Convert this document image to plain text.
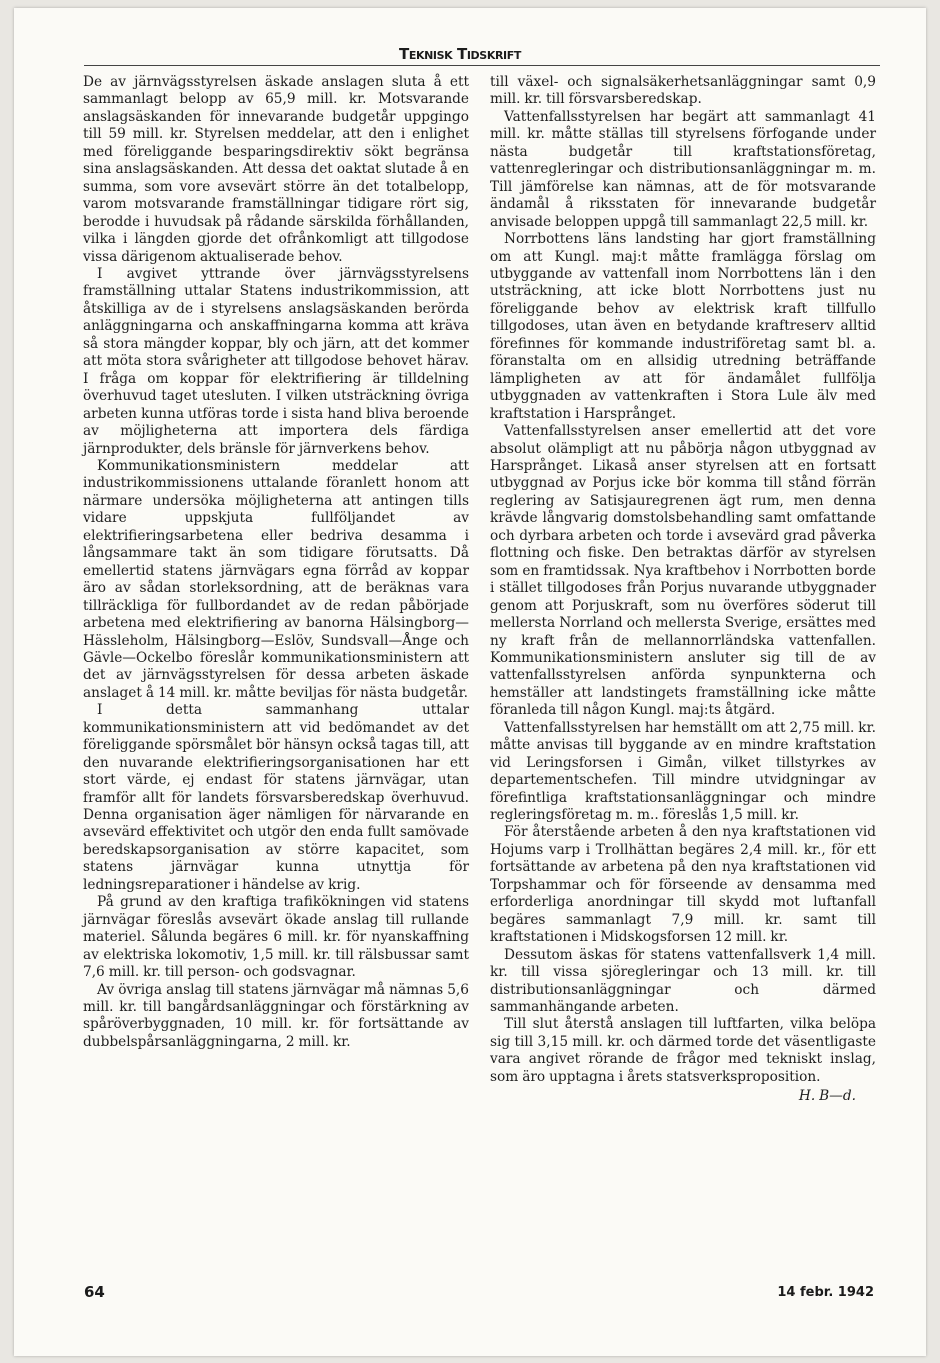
Teknisk Tidskrift

De av järnvägsstyrelsen äskade anslagen sluta å ett sammanlagt belopp av 65,9 mill. kr. Motsvarande anslagsäskanden för innevarande budgetår uppgingo till 59 mill. kr. Styrelsen meddelar, att den i enlighet med föreliggande besparingsdirektiv sökt begränsa sina anslagsäskanden. Att dessa det oaktat slutade å en summa, som vore avsevärt större än det totalbelopp, varom motsvarande framställningar tidigare rört sig, berodde i huvudsak på rådande särskilda förhållanden, vilka i längden gjorde det ofrånkomligt att tillgodose vissa därigenom aktualiserade behov.

I avgivet yttrande över järnvägsstyrelsens framställning uttalar Statens industrikommission, att åtskilliga av de i styrelsens anslagsäskanden berörda anläggningarna och anskaffningarna komma att kräva så stora mängder koppar, bly och järn, att det kommer att möta stora svårigheter att tillgodose behovet härav. I fråga om koppar för elektrifiering är tilldelning överhuvud taget utesluten. I vilken utsträckning övriga arbeten kunna utföras torde i sista hand bliva beroende av möjligheterna att importera dels färdiga järnprodukter, dels bränsle för järnverkens behov.

Kommunikationsministern meddelar att industrikommissionens uttalande föranlett honom att närmare undersöka möjligheterna att antingen tills vidare uppskjuta fullföljandet av elektrifieringsarbetena eller bedriva desamma i långsammare takt än som tidigare förutsatts. Då emellertid statens järnvägars egna förråd av koppar äro av sådan storleksordning, att de beräknas vara tillräckliga för fullbordandet av de redan påbörjade arbetena med elektrifiering av banorna Hälsingborg—Hässleholm, Hälsingborg—Eslöv, Sundsvall—Ånge och Gävle—Ockelbo föreslår kommunikationsministern att det av järnvägsstyrelsen för dessa arbeten äskade anslaget å 14 mill. kr. måtte beviljas för nästa budgetår.

I detta sammanhang uttalar kommunikationsministern att vid bedömandet av det föreliggande spörsmålet bör hänsyn också tagas till, att den nuvarande elektrifieringsorganisationen har ett stort värde, ej endast för statens järnvägar, utan framför allt för landets försvarsberedskap överhuvud. Denna organisation äger nämligen för närvarande en avsevärd effektivitet och utgör den enda fullt samövade beredskapsorganisation av större kapacitet, som statens järnvägar kunna utnyttja för ledningsreparationer i händelse av krig.

På grund av den kraftiga trafikökningen vid statens järnvägar föreslås avsevärt ökade anslag till rullande materiel. Sålunda begäres 6 mill. kr. för nyanskaffning av elektriska lokomotiv, 1,5 mill. kr. till rälsbussar samt 7,6 mill. kr. till person- och godsvagnar.

Av övriga anslag till statens järnvägar må nämnas 5,6 mill. kr. till bangårdsanläggningar och förstärkning av spåröverbyggnaden, 10 mill. kr. för fortsättande av dubbelspårsanläggningarna, 2 mill. kr.

till växel- och signalsäkerhetsanläggningar samt 0,9 mill. kr. till försvarsberedskap.

Vattenfallsstyrelsen har begärt att sammanlagt 41 mill. kr. måtte ställas till styrelsens förfogande under nästa budgetår till kraftstationsföretag, vattenregleringar och distributionsanläggningar m. m. Till jämförelse kan nämnas, att de för motsvarande ändamål å riksstaten för innevarande budgetår anvisade beloppen uppgå till sammanlagt 22,5 mill. kr.

Norrbottens läns landsting har gjort framställning om att Kungl. maj:t måtte framlägga förslag om utbyggande av vattenfall inom Norrbottens län i den utsträckning, att icke blott Norrbottens just nu föreliggande behov av elektrisk kraft tillfullo tillgodoses, utan även en betydande kraftreserv alltid förefinnes för kommande industriföretag samt bl. a. föranstalta om en allsidig utredning beträffande lämpligheten av att för ändamålet fullfölja utbyggnaden av vattenkraften i Stora Lule älv med kraftstation i Harsprånget.

Vattenfallsstyrelsen anser emellertid att det vore absolut olämpligt att nu påbörja någon utbyggnad av Harsprånget. Likaså anser styrelsen att en fortsatt utbyggnad av Porjus icke bör komma till stånd förrän reglering av Satisjauregrenen ägt rum, men denna krävde långvarig domstolsbehandling samt omfattande och dyrbara arbeten och torde i avsevärd grad påverka flottning och fiske. Den betraktas därför av styrelsen som en framtidssak. Nya kraftbehov i Norrbotten borde i stället tillgodoses från Porjus nuvarande utbyggnader genom att Porjuskraft, som nu överföres söderut till mellersta Norrland och mellersta Sverige, ersättes med ny kraft från de mellannorrländska vattenfallen. Kommunikationsministern ansluter sig till de av vattenfallsstyrelsen anförda synpunkterna och hemställer att landstingets framställning icke måtte föranleda till någon Kungl. maj:ts åtgärd.

Vattenfallsstyrelsen har hemställt om att 2,75 mill. kr. måtte anvisas till byggande av en mindre kraftstation vid Leringsforsen i Gimån, vilket tillstyrkes av departementschefen. Till mindre utvidgningar av förefintliga kraftstationsanläggningar och mindre regleringsföretag m. m.. föreslås 1,5 mill. kr.

För återstående arbeten å den nya kraftstationen vid Hojums varp i Trollhättan begäres 2,4 mill. kr., för ett fortsättande av arbetena på den nya kraftstationen vid Torpshammar och för förseende av densamma med erforderliga anordningar till skydd mot luftanfall begäres sammanlagt 7,9 mill. kr. samt till kraftstationen i Midskogsforsen 12 mill. kr.

Dessutom äskas för statens vattenfallsverk 1,4 mill. kr. till vissa sjöregleringar och 13 mill. kr. till distributionsanläggningar och därmed sammanhängande arbeten.

Till slut återstå anslagen till luftfarten, vilka belöpa sig till 3,15 mill. kr. och därmed torde det väsentligaste vara angivet rörande de frågor med tekniskt inslag, som äro upptagna i årets statsverksproposition.

H. B—d.
64	14 febr. 1942
